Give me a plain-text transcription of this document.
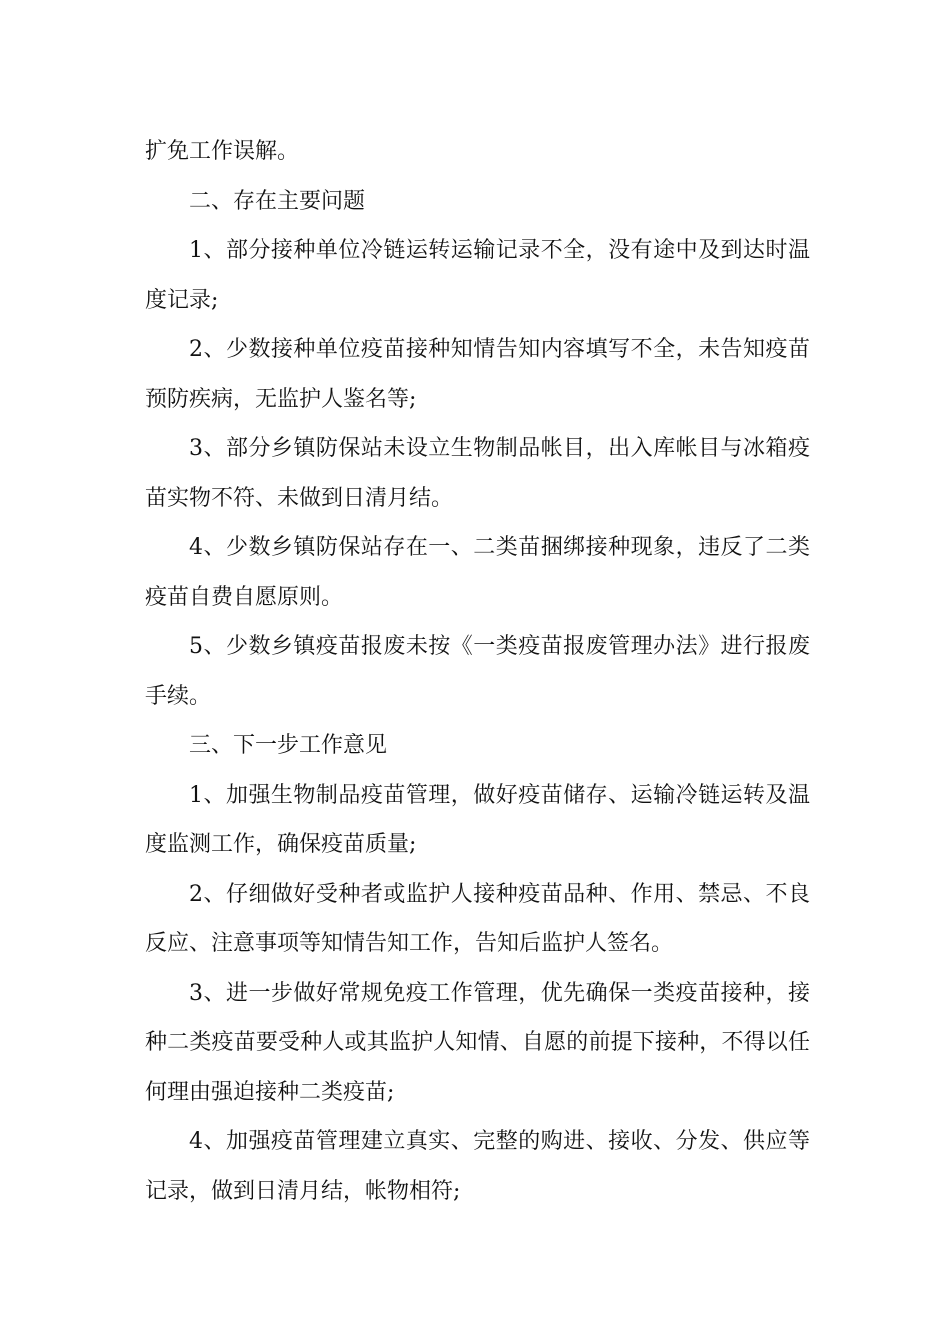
扩免工作误解。

二、存在主要问题

1、部分接种单位冷链运转运输记录不全，没有途中及到达时温度记录;

2、少数接种单位疫苗接种知情告知内容填写不全，未告知疫苗预防疾病，无监护人鉴名等;

3、部分乡镇防保站未设立生物制品帐目，出入库帐目与冰箱疫苗实物不符、未做到日清月结。

4、少数乡镇防保站存在一、二类苗捆绑接种现象，违反了二类疫苗自费自愿原则。

5、少数乡镇疫苗报废未按《一类疫苗报废管理办法》进行报废手续。

三、下一步工作意见

1、加强生物制品疫苗管理，做好疫苗储存、运输冷链运转及温度监测工作，确保疫苗质量;

2、仔细做好受种者或监护人接种疫苗品种、作用、禁忌、不良反应、注意事项等知情告知工作，告知后监护人签名。

3、进一步做好常规免疫工作管理，优先确保一类疫苗接种，接种二类疫苗要受种人或其监护人知情、自愿的前提下接种，不得以任何理由强迫接种二类疫苗;

4、加强疫苗管理建立真实、完整的购进、接收、分发、供应等记录，做到日清月结，帐物相符;
